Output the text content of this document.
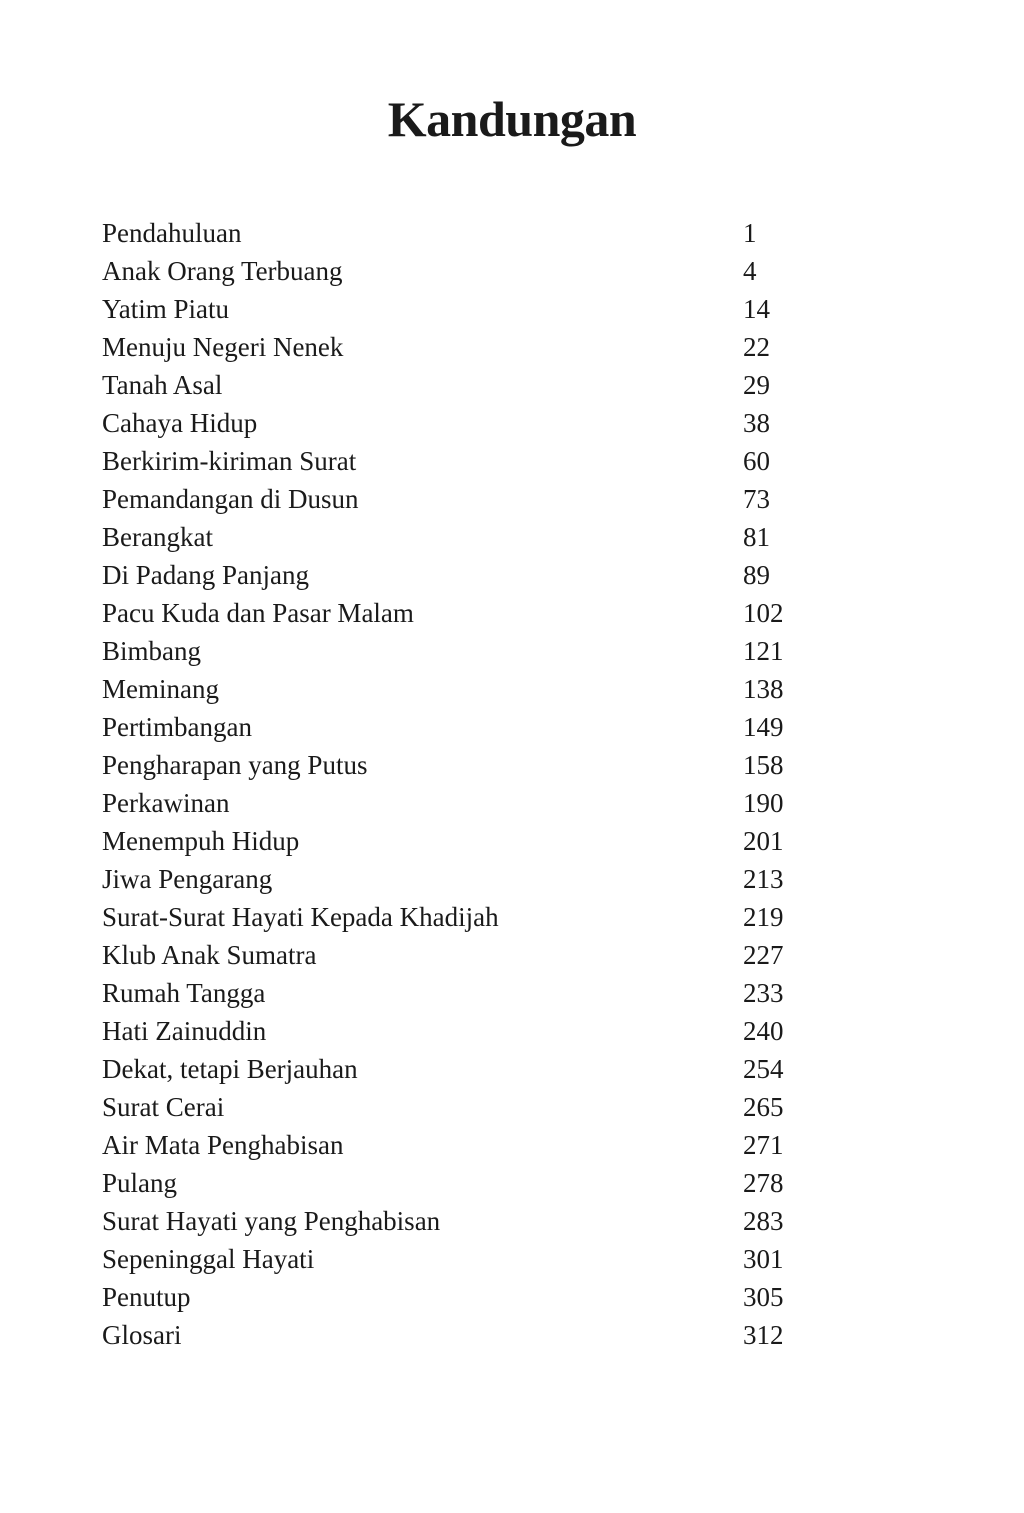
Kandungan
Pendahuluan	1
Anak Orang Terbuang	4
Yatim Piatu	14
Menuju Negeri Nenek	22
Tanah Asal	29
Cahaya Hidup	38
Berkirim-kiriman Surat	60
Pemandangan di Dusun	73
Berangkat	81
Di Padang Panjang	89
Pacu Kuda dan Pasar Malam	102
Bimbang	121
Meminang	138
Pertimbangan	149
Pengharapan yang Putus	158
Perkawinan	190
Menempuh Hidup	201
Jiwa Pengarang	213
Surat-Surat Hayati Kepada Khadijah	219
Klub Anak Sumatra	227
Rumah Tangga	233
Hati Zainuddin	240
Dekat, tetapi Berjauhan	254
Surat Cerai	265
Air Mata Penghabisan	271
Pulang	278
Surat Hayati yang Penghabisan	283
Sepeninggal Hayati	301
Penutup	305
Glosari	312
